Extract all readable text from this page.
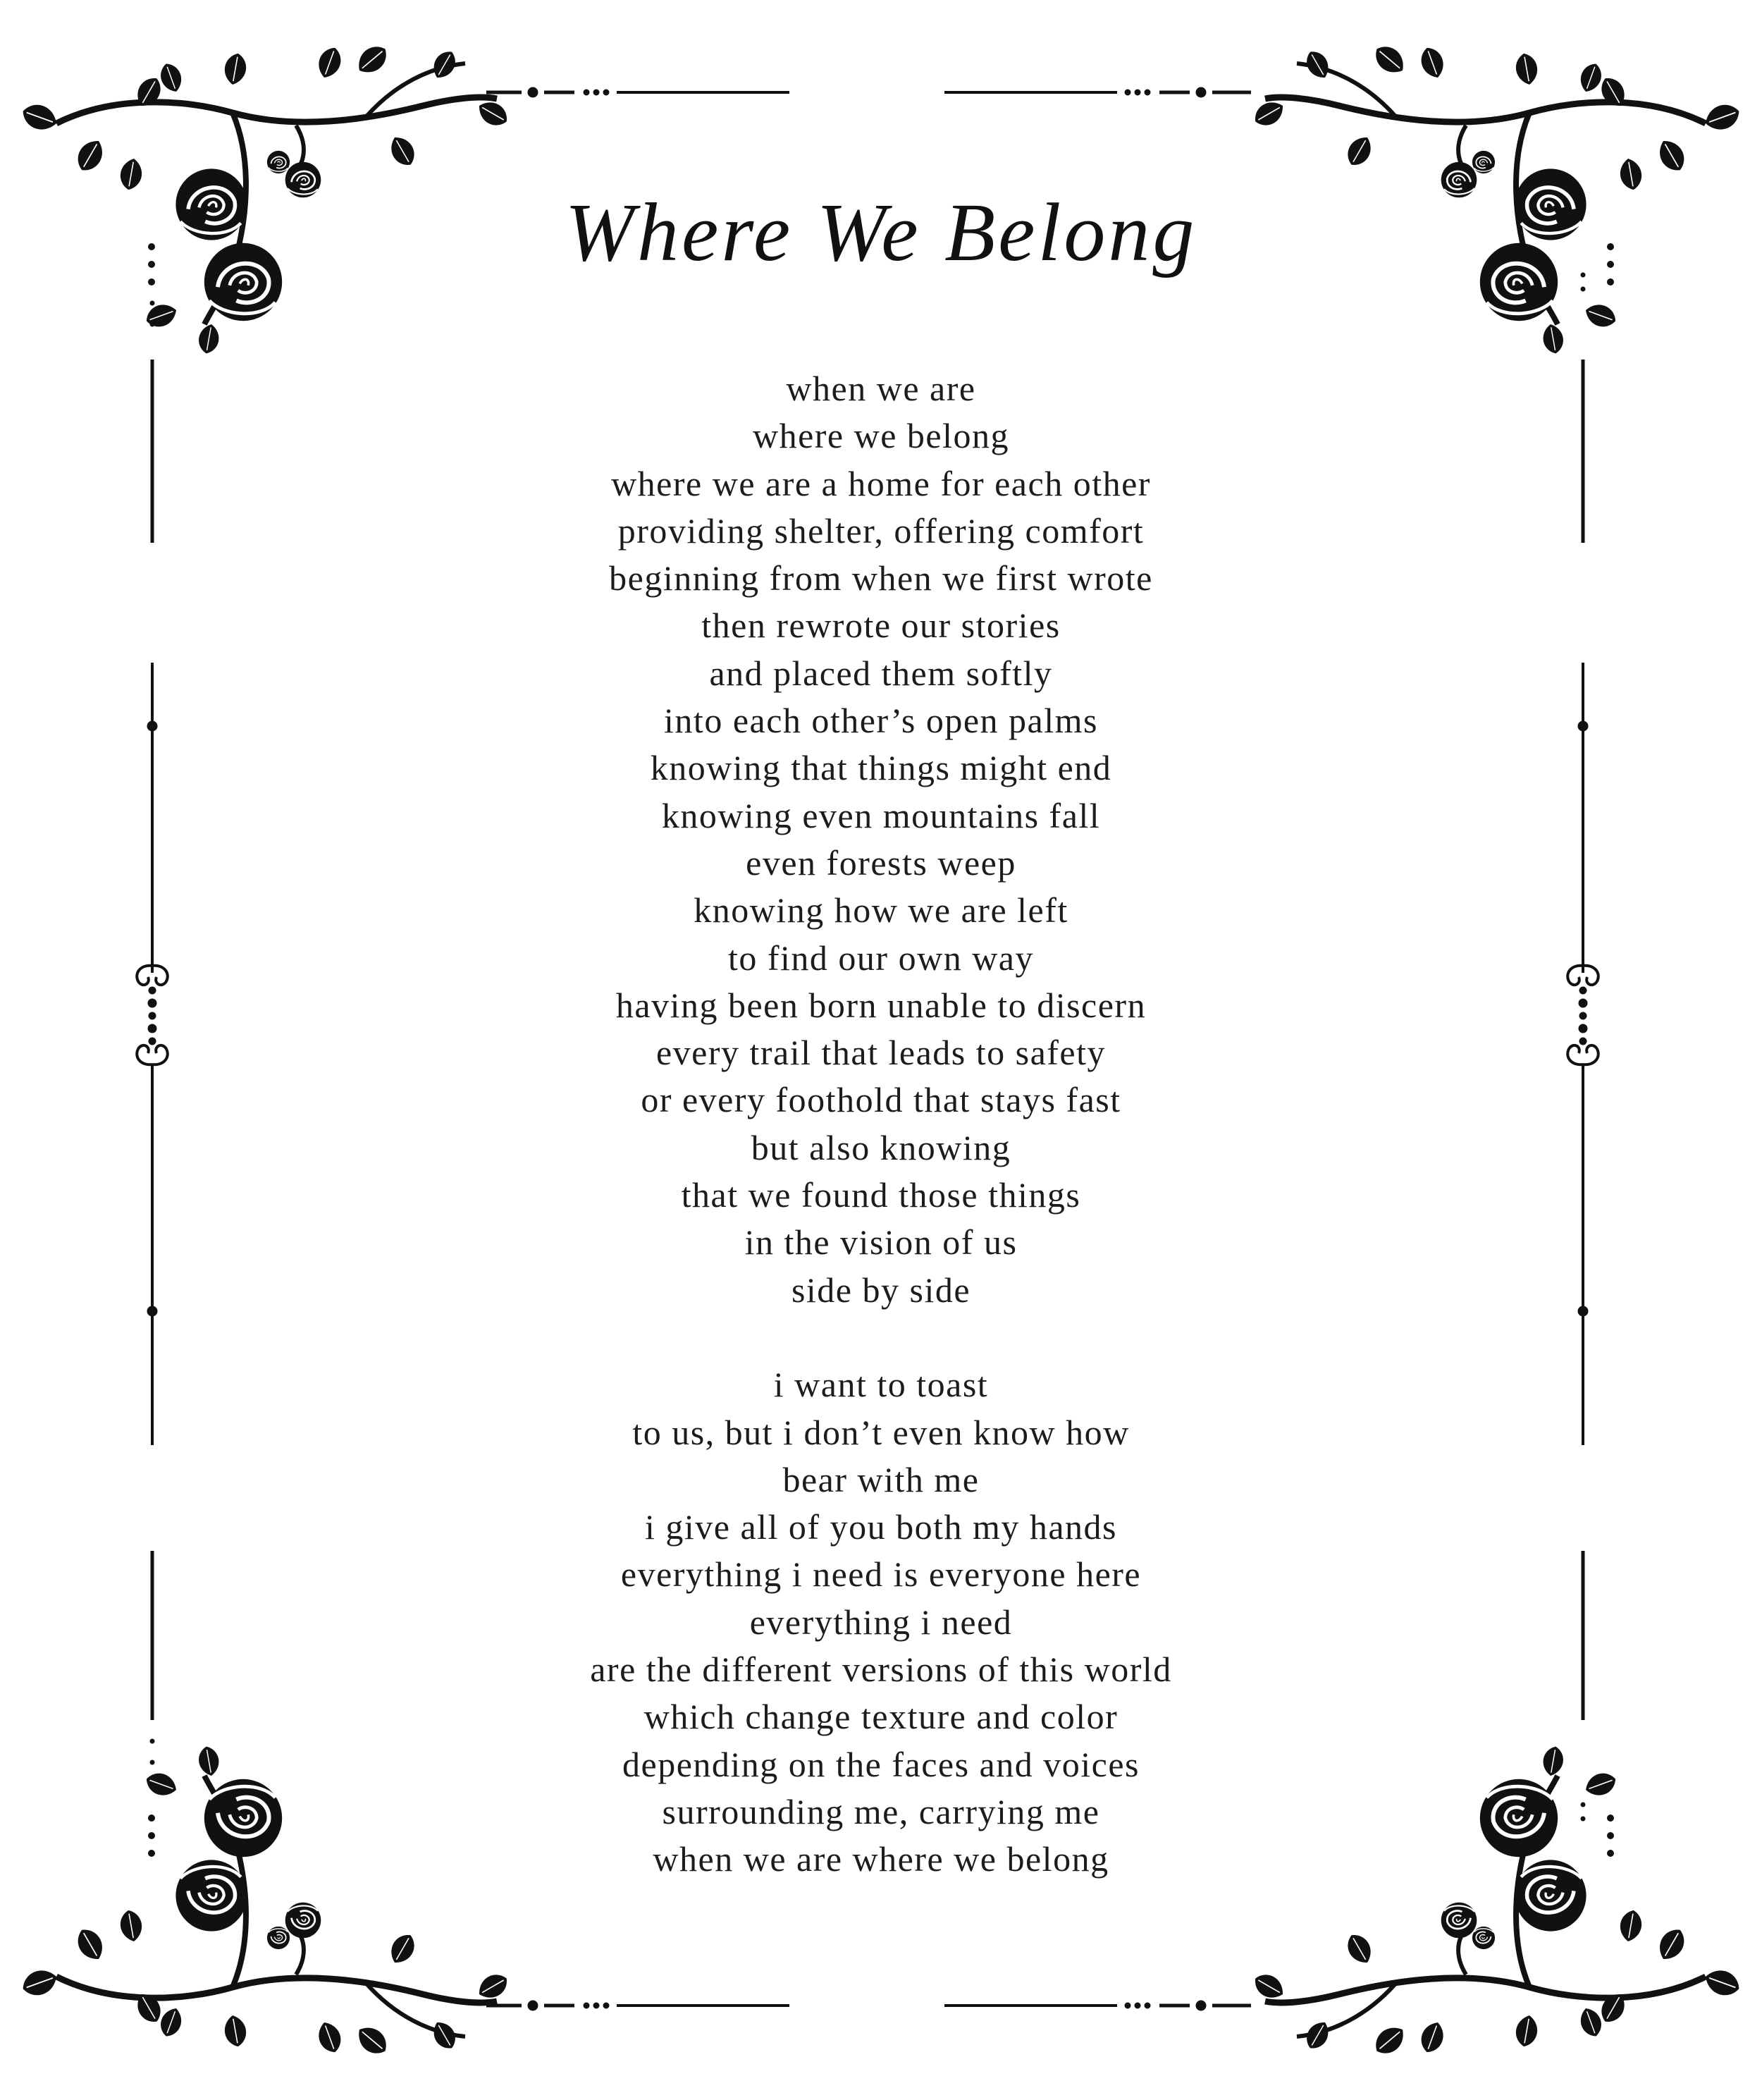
Where We Belong
when we are
where we belong
where we are a home for each other
providing shelter, offering comfort
beginning from when we first wrote
then rewrote our stories
and placed them softly
into each other’s open palms
knowing that things might end
knowing even mountains fall
even forests weep
knowing how we are left
to find our own way
having been born unable to discern
every trail that leads to safety
or every foothold that stays fast
but also knowing
that we found those things
in the vision of us
side by side
i want to toast
to us, but i don’t even know how
bear with me
i give all of you both my hands
everything i need is everyone here
everything i need
are the different versions of this world
which change texture and color
depending on the faces and voices
surrounding me, carrying me
when we are where we belong
